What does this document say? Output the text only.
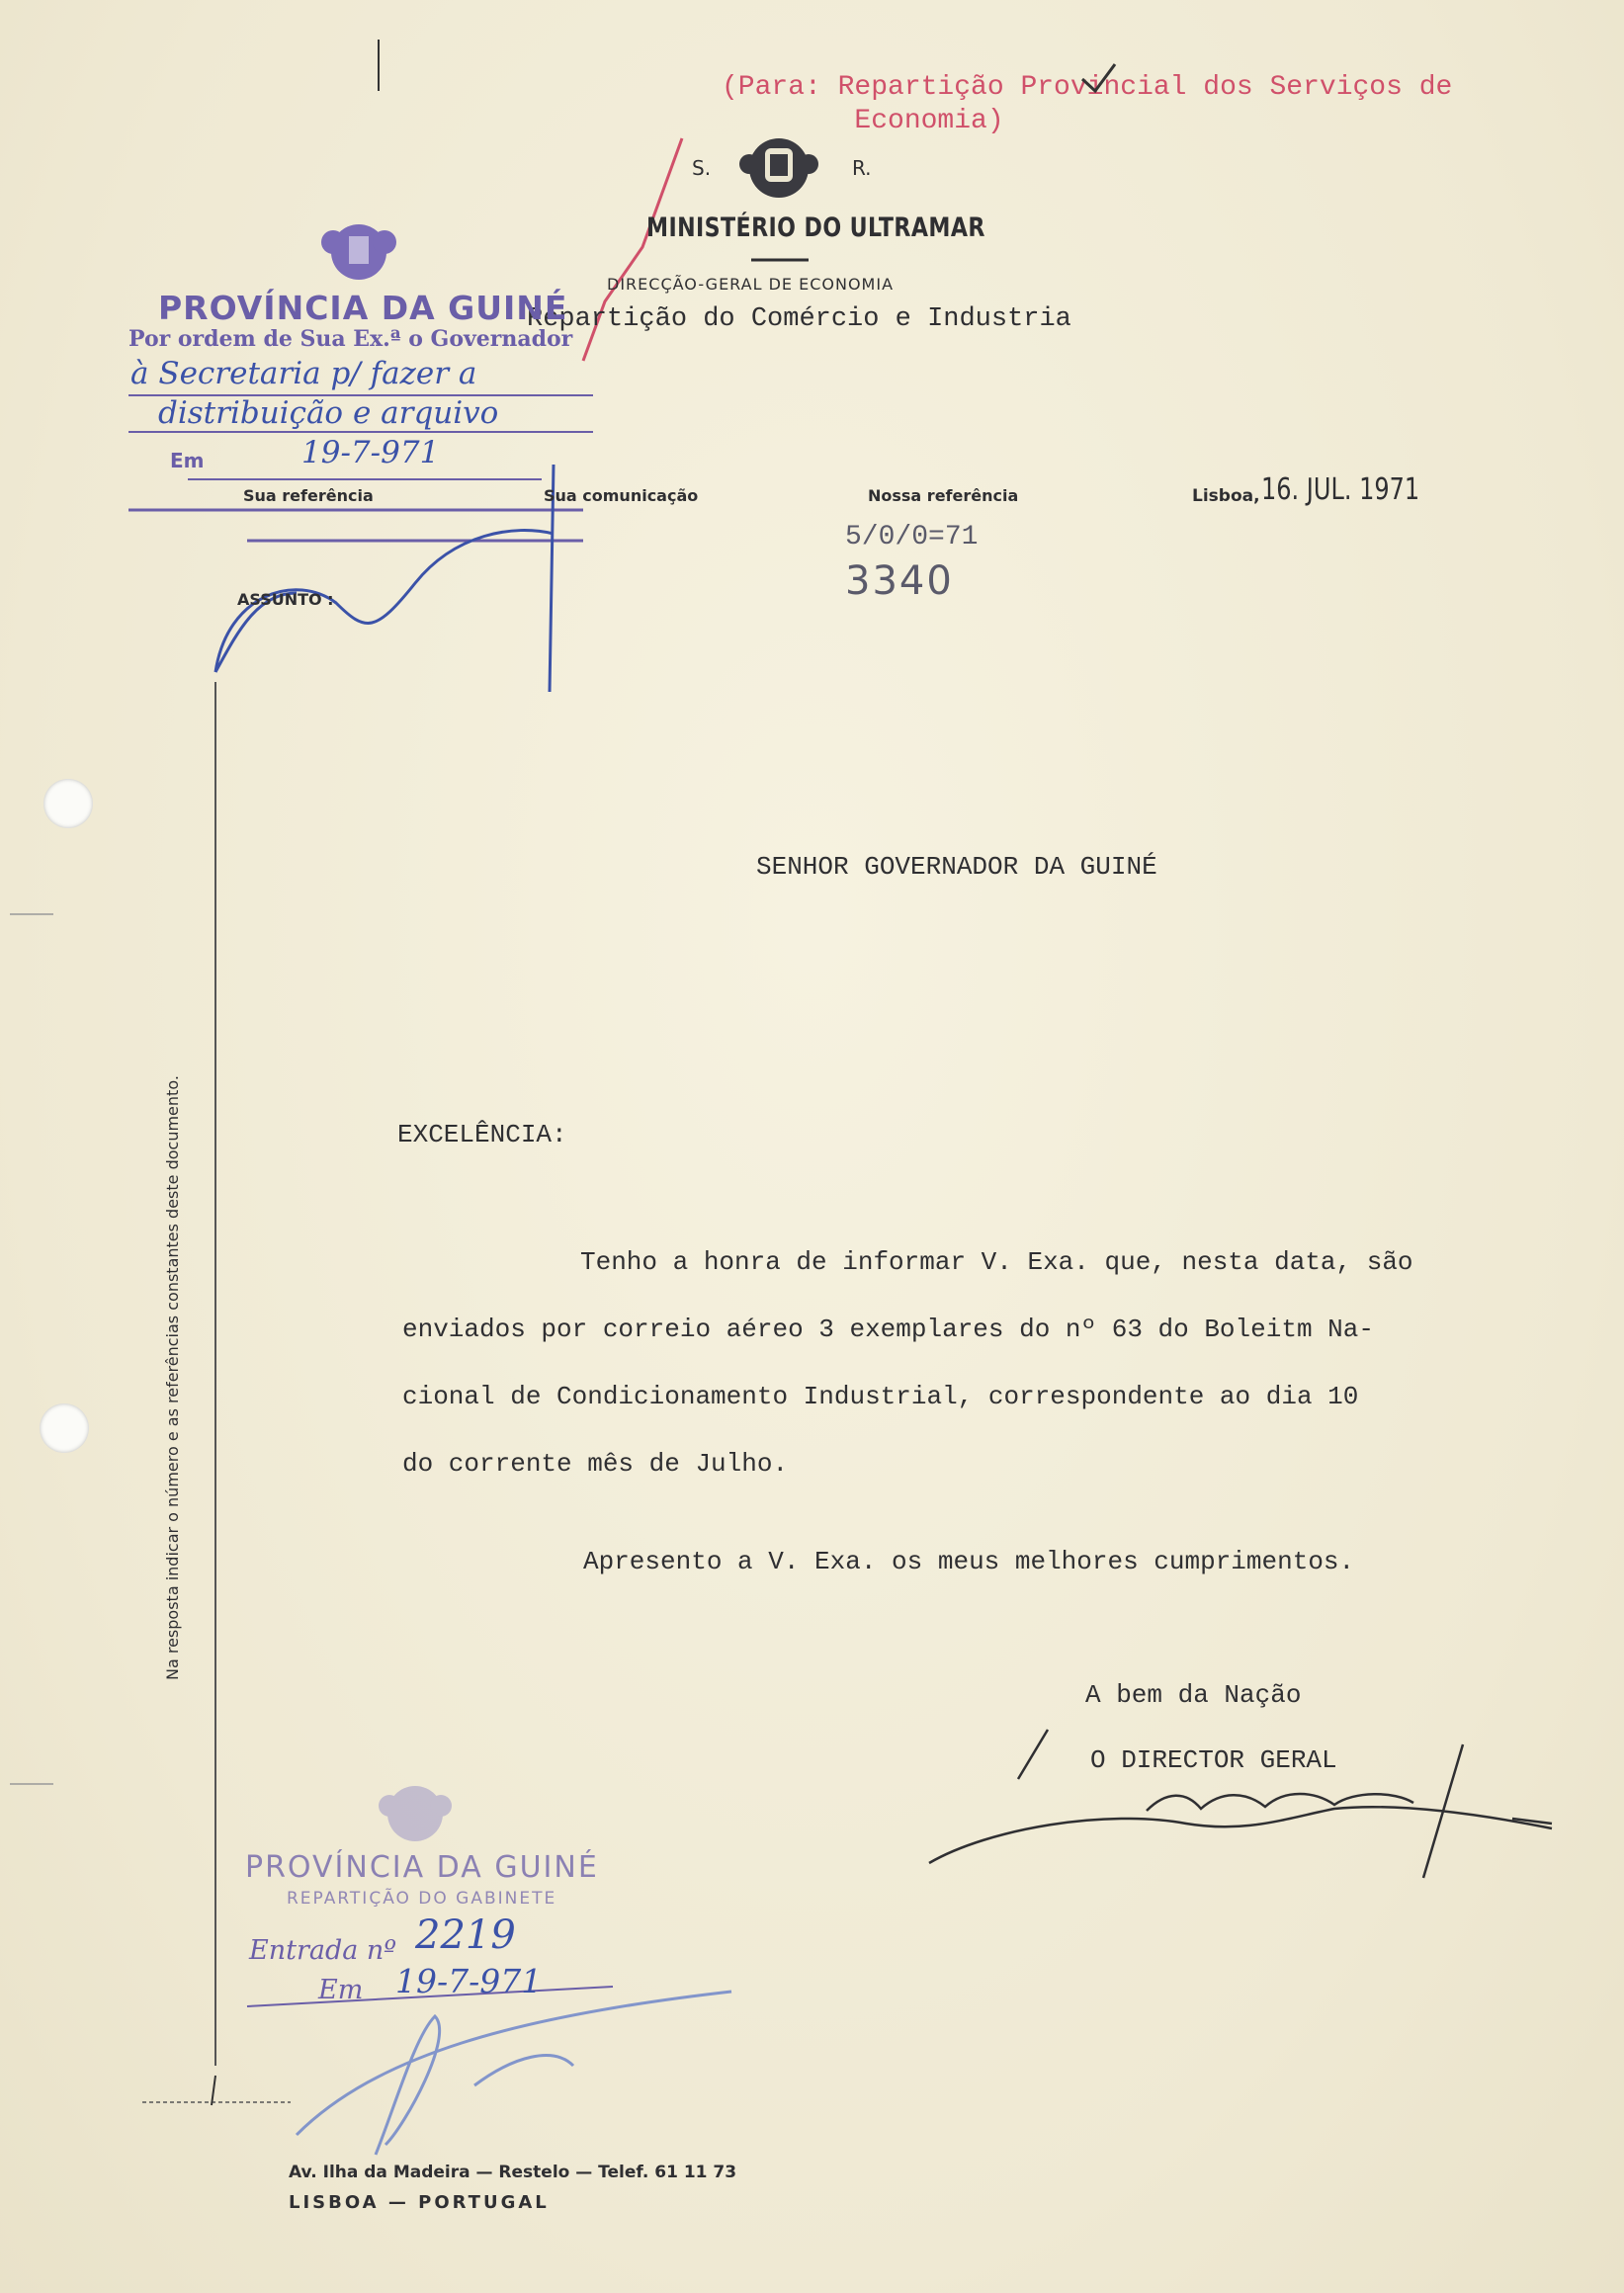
(Para: Repartição Provincial dos Serviços de
Economia)
S.	R.
MINISTÉRIO DO ULTRAMAR
DIRECÇÃO-GERAL DE ECONOMIA
Repartição do Comércio e Industria
PROVÍNCIA DA GUINÉ
Por ordem de Sua Ex.ª o Governador
à Secretaria p/ fazer a
distribuição e arquivo
Em	19-7-971
Sua referência	Sua comunicação	Nossa referência
5/0/0=71
3340
Lisboa, 16. JUL. 1971
ASSUNTO :
SENHOR GOVERNADOR DA GUINÉ
EXCELÊNCIA:
Tenho a honra de informar V. Exa. que, nesta data, são
enviados por correio aéreo 3 exemplares do nº 63 do Boleitm Na-
cional de Condicionamento Industrial, correspondente ao dia 10
do corrente mês de Julho.
Apresento a V. Exa. os meus melhores cumprimentos.
A bem da Nação
O DIRECTOR GERAL
PROVÍNCIA DA GUINÉ
REPARTIÇÃO DO GABINETE
Entrada nº 2219
Em 19-7-971
Na resposta indicar o número e as referências constantes deste documento.
Av. Ilha da Madeira — Restelo — Telef. 61 11 73
LISBOA — PORTUGAL
